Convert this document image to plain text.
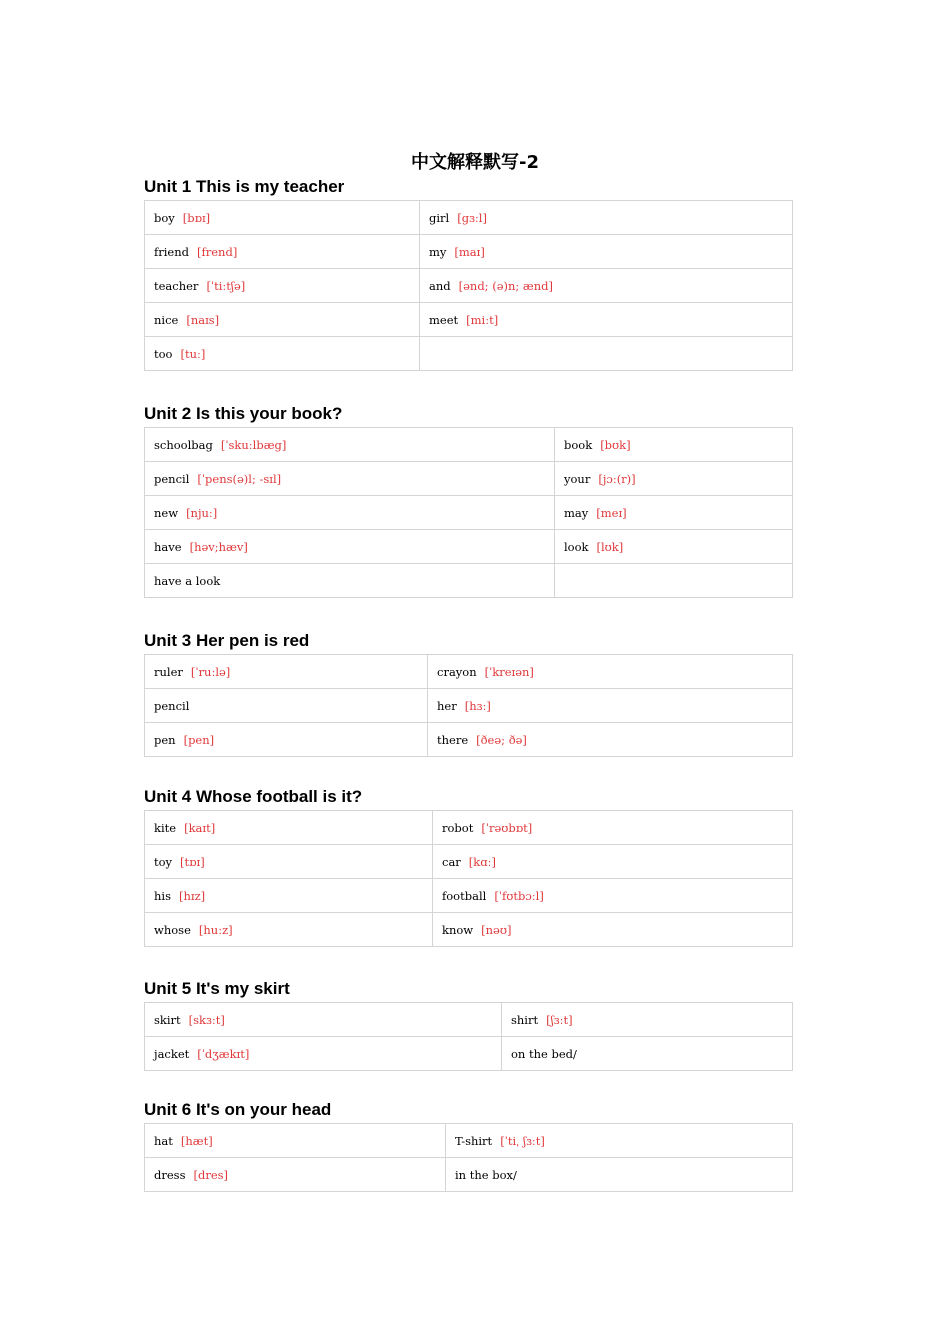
中文解释默写-2
Unit 1 This is my teacher
boy [bɒɪ]	girl [gɜːl]
friend [frend]	my [maɪ]
teacher [ˈtiːtʃə]	and [ənd; (ə)n; ænd]
nice [naɪs]	meet [miːt]
too [tuː]	
Unit 2 Is this your book?
schoolbag [ˈskuːlbæg]	book [bʊk]
pencil [ˈpens(ə)l; -sɪl]	your [jɔː(r)]
new [njuː]	may [meɪ]
have [həv;hæv]	look [lʊk]
have a look	
Unit 3 Her pen is red
ruler [ˈruːlə]	crayon [ˈkreɪən]
pencil	her [hɜː]
pen [pen]	there [ðeə; ðə]
Unit 4 Whose football is it?
kite [kaɪt]	robot [ˈrəʊbɒt]
toy [tɒɪ]	car [kɑː]
his [hɪz]	football [ˈfʊtbɔːl]
whose [huːz]	know [nəʊ]
Unit 5 It's my skirt
skirt [skɜːt]	shirt [ʃɜːt]
jacket [ˈdʒækɪt]	on the bed/
Unit 6 It's on your head
hat [hæt]	T-shirt [ˈtiˌ ʃɜːt]
dress [dres]	in the box/
